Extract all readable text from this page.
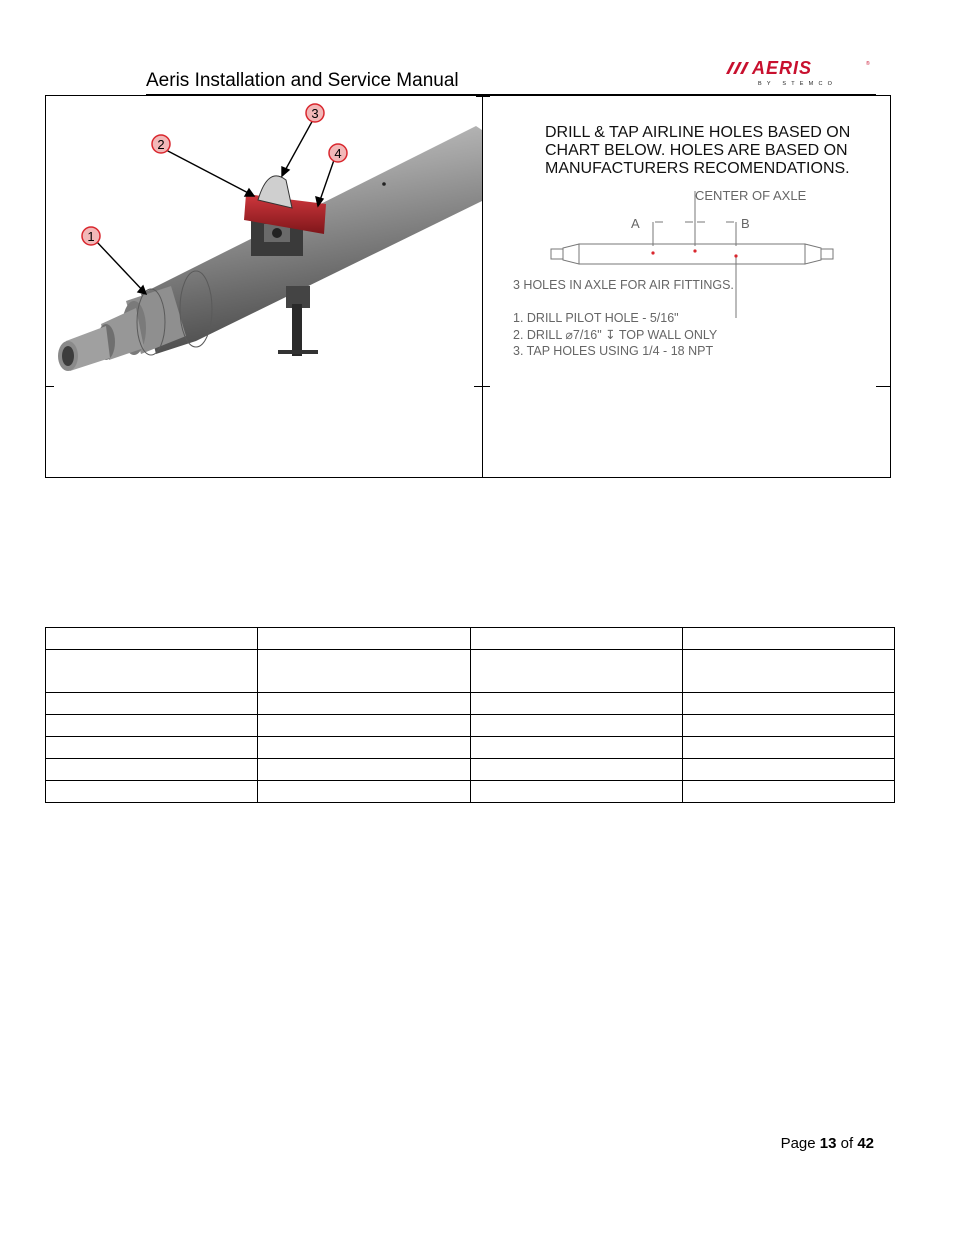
Aeris Installation and Service Manual
AERIS	®
BY STEMCO
1
2
3
4
DRILL & TAP AIRLINE HOLES BASED ON
CHART BELOW. HOLES ARE BASED ON
MANUFACTURERS RECOMENDATIONS.
CENTER OF AXLE
A	B
3 HOLES IN AXLE FOR AIR FITTINGS.
1. DRILL PILOT HOLE - 5/16"
2. DRILL ⌀7/16" ↧ TOP WALL ONLY
3. TAP HOLES USING 1/4 - 18 NPT

Page 13 of 42
